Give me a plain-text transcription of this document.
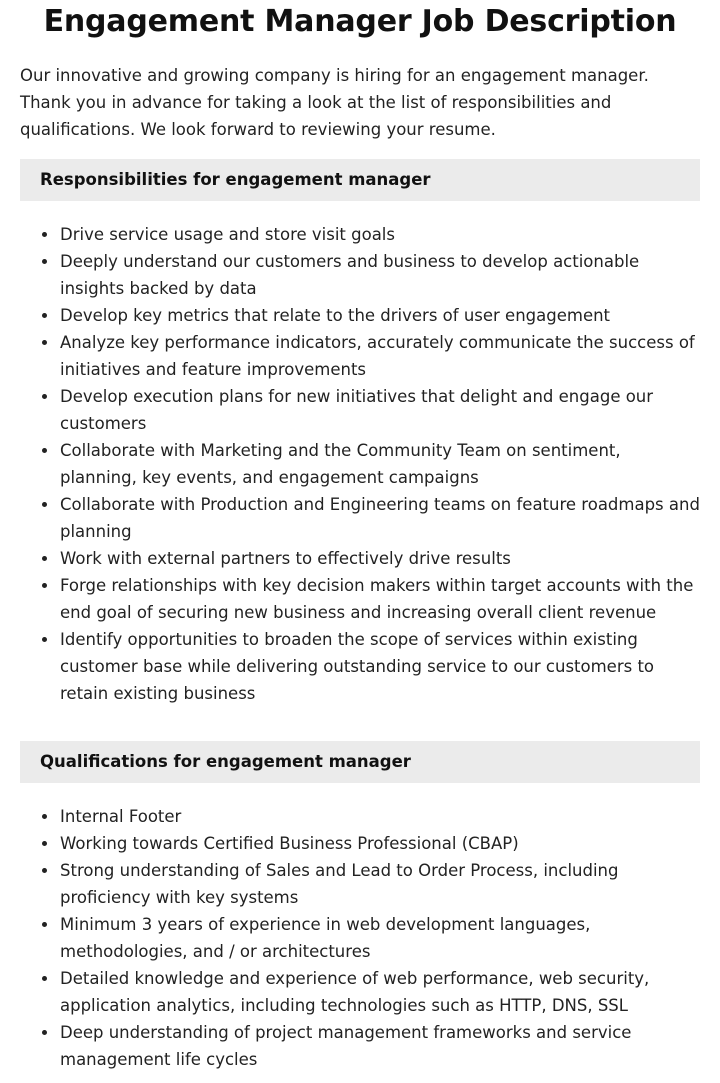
Engagement Manager Job Description

Our innovative and growing company is hiring for an engagement manager. Thank you in advance for taking a look at the list of responsibilities and qualifications. We look forward to reviewing your resume.

Responsibilities for engagement manager
Drive service usage and store visit goals
Deeply understand our customers and business to develop actionable insights backed by data
Develop key metrics that relate to the drivers of user engagement
Analyze key performance indicators, accurately communicate the success of initiatives and feature improvements
Develop execution plans for new initiatives that delight and engage our customers
Collaborate with Marketing and the Community Team on sentiment, planning, key events, and engagement campaigns
Collaborate with Production and Engineering teams on feature roadmaps and planning
Work with external partners to effectively drive results
Forge relationships with key decision makers within target accounts with the end goal of securing new business and increasing overall client revenue
Identify opportunities to broaden the scope of services within existing customer base while delivering outstanding service to our customers to retain existing business
Qualifications for engagement manager
Internal Footer
Working towards Certified Business Professional (CBAP)
Strong understanding of Sales and Lead to Order Process, including proficiency with key systems
Minimum 3 years of experience in web development languages, methodologies, and / or architectures
Detailed knowledge and experience of web performance, web security, application analytics, including technologies such as HTTP, DNS, SSL
Deep understanding of project management frameworks and service management life cycles
